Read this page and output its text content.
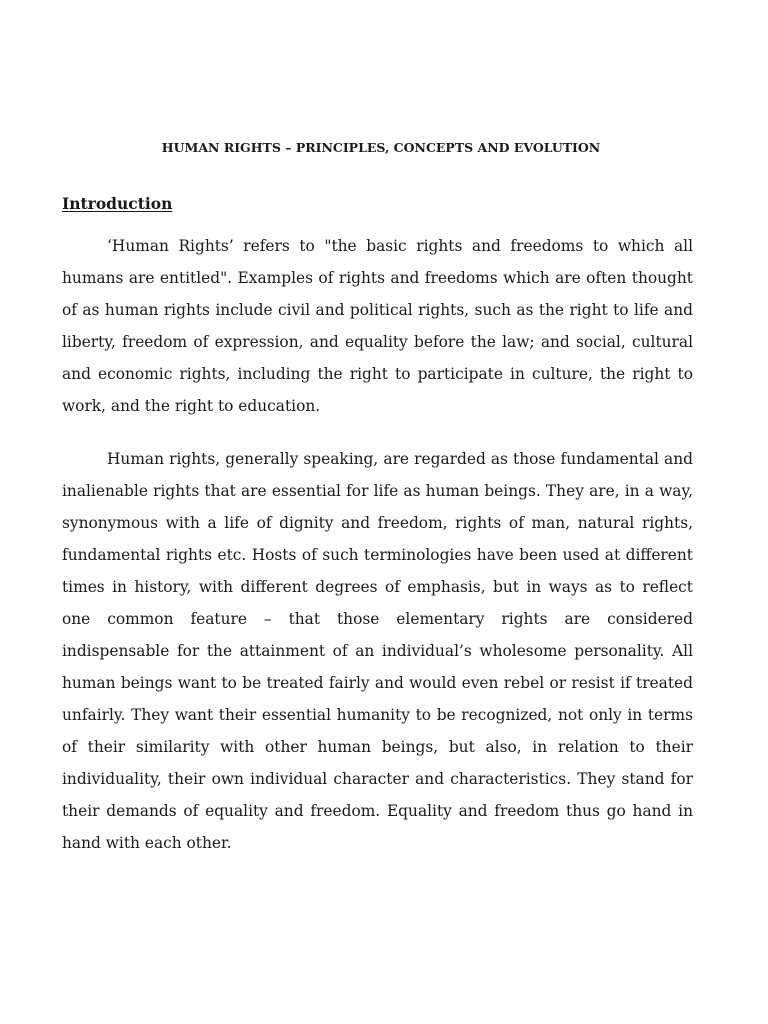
HUMAN RIGHTS – PRINCIPLES, CONCEPTS AND EVOLUTION
Introduction

‘Human Rights’ refers to "the basic rights and freedoms to which all humans are entitled". Examples of rights and freedoms which are often thought of as human rights include civil and political rights, such as the right to life and liberty, freedom of expression, and equality before the law; and social, cultural and economic rights, including the right to participate in culture, the right to work, and the right to education.

Human rights, generally speaking, are regarded as those fundamental and inalienable rights that are essential for life as human beings. They are, in a way, synonymous with a life of dignity and freedom, rights of man, natural rights, fundamental rights etc. Hosts of such terminologies have been used at different times in history, with different degrees of emphasis, but in ways as to reflect one common feature – that those elementary rights are considered indispensable for the attainment of an individual’s wholesome personality. All human beings want to be treated fairly and would even rebel or resist if treated unfairly. They want their essential humanity to be recognized, not only in terms of their similarity with other human beings, but also, in relation to their individuality, their own individual character and characteristics. They stand for their demands of equality and freedom. Equality and freedom thus go hand in hand with each other.
